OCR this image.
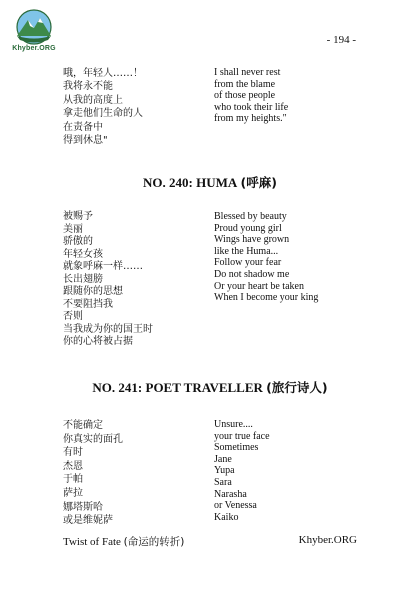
Khyber.ORG
- 194 -
哦，年轻人……！
我将永不能
从我的高度上
拿走他们生命的人
在责备中
得到休息"
I shall never rest
from the blame
of those people
who took their life
from my heights."
NO. 240: HUMA (呼麻)
被赐予
美丽
骄傲的
年轻女孩
就象呼麻一样……
长出翅膀
跟随你的思想
不要阻挡我
否则
当我成为你的国王时
你的心将被占据
Blessed by beauty
Proud young girl
Wings have grown
like the Huma...
Follow your fear
Do not shadow me
Or your heart be taken
When I become your king
NO. 241: POET TRAVELLER (旅行诗人)
不能确定
你真实的面孔
有时
杰恩
于帕
萨拉
娜塔斯哈
或是维妮萨
Unsure....
your true face
Sometimes
Jane
Yupa
Sara
Narasha
or Venessa
Kaiko
Twist of Fate (命运的转折)	Khyber.ORG
